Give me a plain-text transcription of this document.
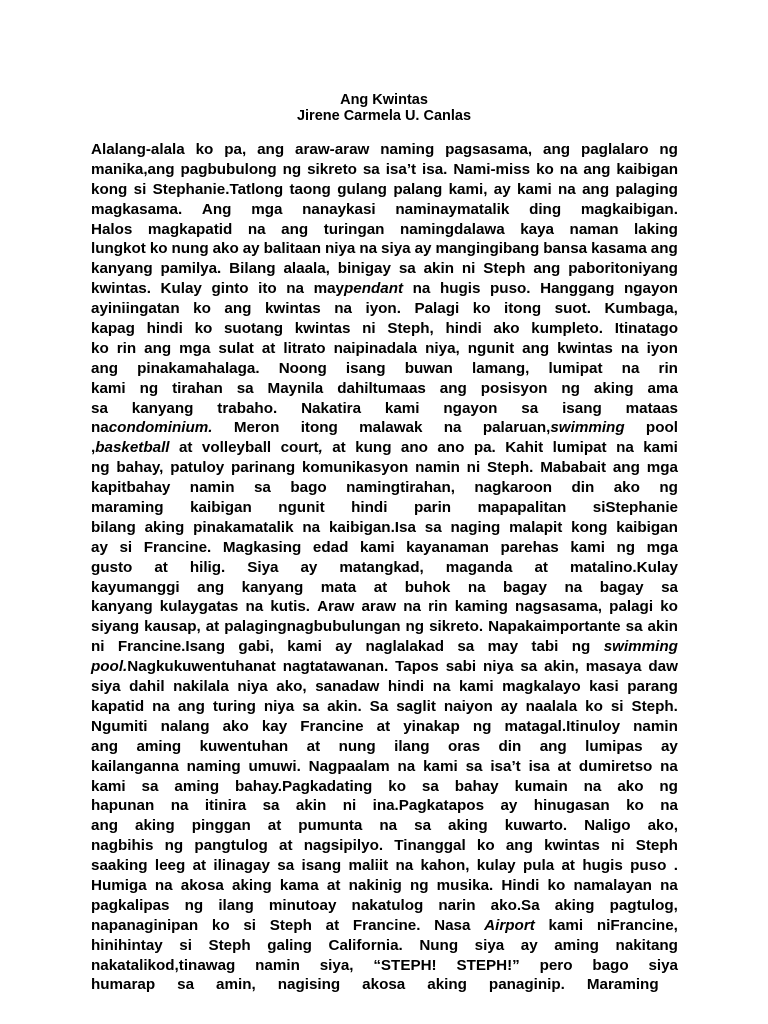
Ang Kwintas
Jirene Carmela U. Canlas
Alalang-alala ko pa, ang araw-araw naming pagsasama, ang paglalaro ng
manika,ang pagbubulong ng sikreto sa isa’t isa. Nami-miss ko na ang kaibigan
kong si Stephanie.Tatlong taong gulang palang kami, ay kami na ang palaging
magkasama. Ang mga nanaykasi naminaymatalik ding magkaibigan.
Halos magkapatid na ang turingan namingdalawa kaya naman laking
lungkot ko nung ako ay balitaan niya na siya ay mangingibang bansa kasama ang
kanyang pamilya. Bilang alaala, binigay sa akin ni Steph ang paboritoniyang
kwintas. Kulay ginto ito na maypendant na hugis puso. Hanggang ngayon
ayiniingatan ko ang kwintas na iyon. Palagi ko itong suot. Kumbaga,
kapag hindi ko suotang kwintas ni Steph, hindi ako kumpleto. Itinatago
ko rin ang mga sulat at litrato naipinadala niya, ngunit ang kwintas na iyon
ang pinakamahalaga. Noong isang buwan lamang, lumipat na rin
kami ng tirahan sa Maynila dahiltumaas ang posisyon ng aking ama
sa kanyang trabaho. Nakatira kami ngayon sa isang mataas
nacondominium. Meron itong malawak na palaruan,swimming pool
,basketball at volleyball court, at kung ano ano pa. Kahit lumipat na kami
ng bahay, patuloy parinang komunikasyon namin ni Steph. Mababait ang mga
kapitbahay namin sa bago namingtirahan, nagkaroon din ako ng
maraming kaibigan ngunit hindi parin mapapalitan siStephanie
bilang aking pinakamatalik na kaibigan.Isa sa naging malapit kong kaibigan
ay si Francine. Magkasing edad kami kayanaman parehas kami ng mga
gusto at hilig. Siya ay matangkad, maganda at matalino.Kulay
kayumanggi ang kanyang mata at buhok na bagay na bagay sa
kanyang kulaygatas na kutis. Araw araw na rin kaming nagsasama, palagi ko
siyang kausap, at palagingnagbubulungan ng sikreto. Napakaimportante sa akin
ni Francine.Isang gabi, kami ay naglalakad sa may tabi ng swimming
pool.Nagkukuwentuhanat nagtatawanan. Tapos sabi niya sa akin, masaya daw
siya dahil nakilala niya ako, sanadaw hindi na kami magkalayo kasi parang
kapatid na ang turing niya sa akin. Sa saglit naiyon ay naalala ko si Steph.
Ngumiti nalang ako kay Francine at yinakap ng matagal.Itinuloy namin
ang aming kuwentuhan at nung ilang oras din ang lumipas ay
kailanganna naming umuwi. Nagpaalam na kami sa isa’t isa at dumiretso na
kami sa aming bahay.Pagkadating ko sa bahay kumain na ako ng
hapunan na itinira sa akin ni ina.Pagkatapos ay hinugasan ko na
ang aking pinggan at pumunta na sa aking kuwarto. Naligo ako,
nagbihis ng pangtulog at nagsipilyo. Tinanggal ko ang kwintas ni Steph
saaking leeg at ilinagay sa isang maliit na kahon, kulay pula at hugis puso .
Humiga na akosa aking kama at nakinig ng musika. Hindi ko namalayan na
pagkalipas ng ilang minutoay nakatulog narin ako.Sa aking pagtulog,
napanaginipan ko si Steph at Francine. Nasa Airport kami niFrancine,
hinihintay si Steph galing California. Nung siya ay aming nakitang
nakatalikod,tinawag namin siya, “STEPH! STEPH!” pero bago siya
humarap sa amin, nagising akosa aking panaginip. Maraming
